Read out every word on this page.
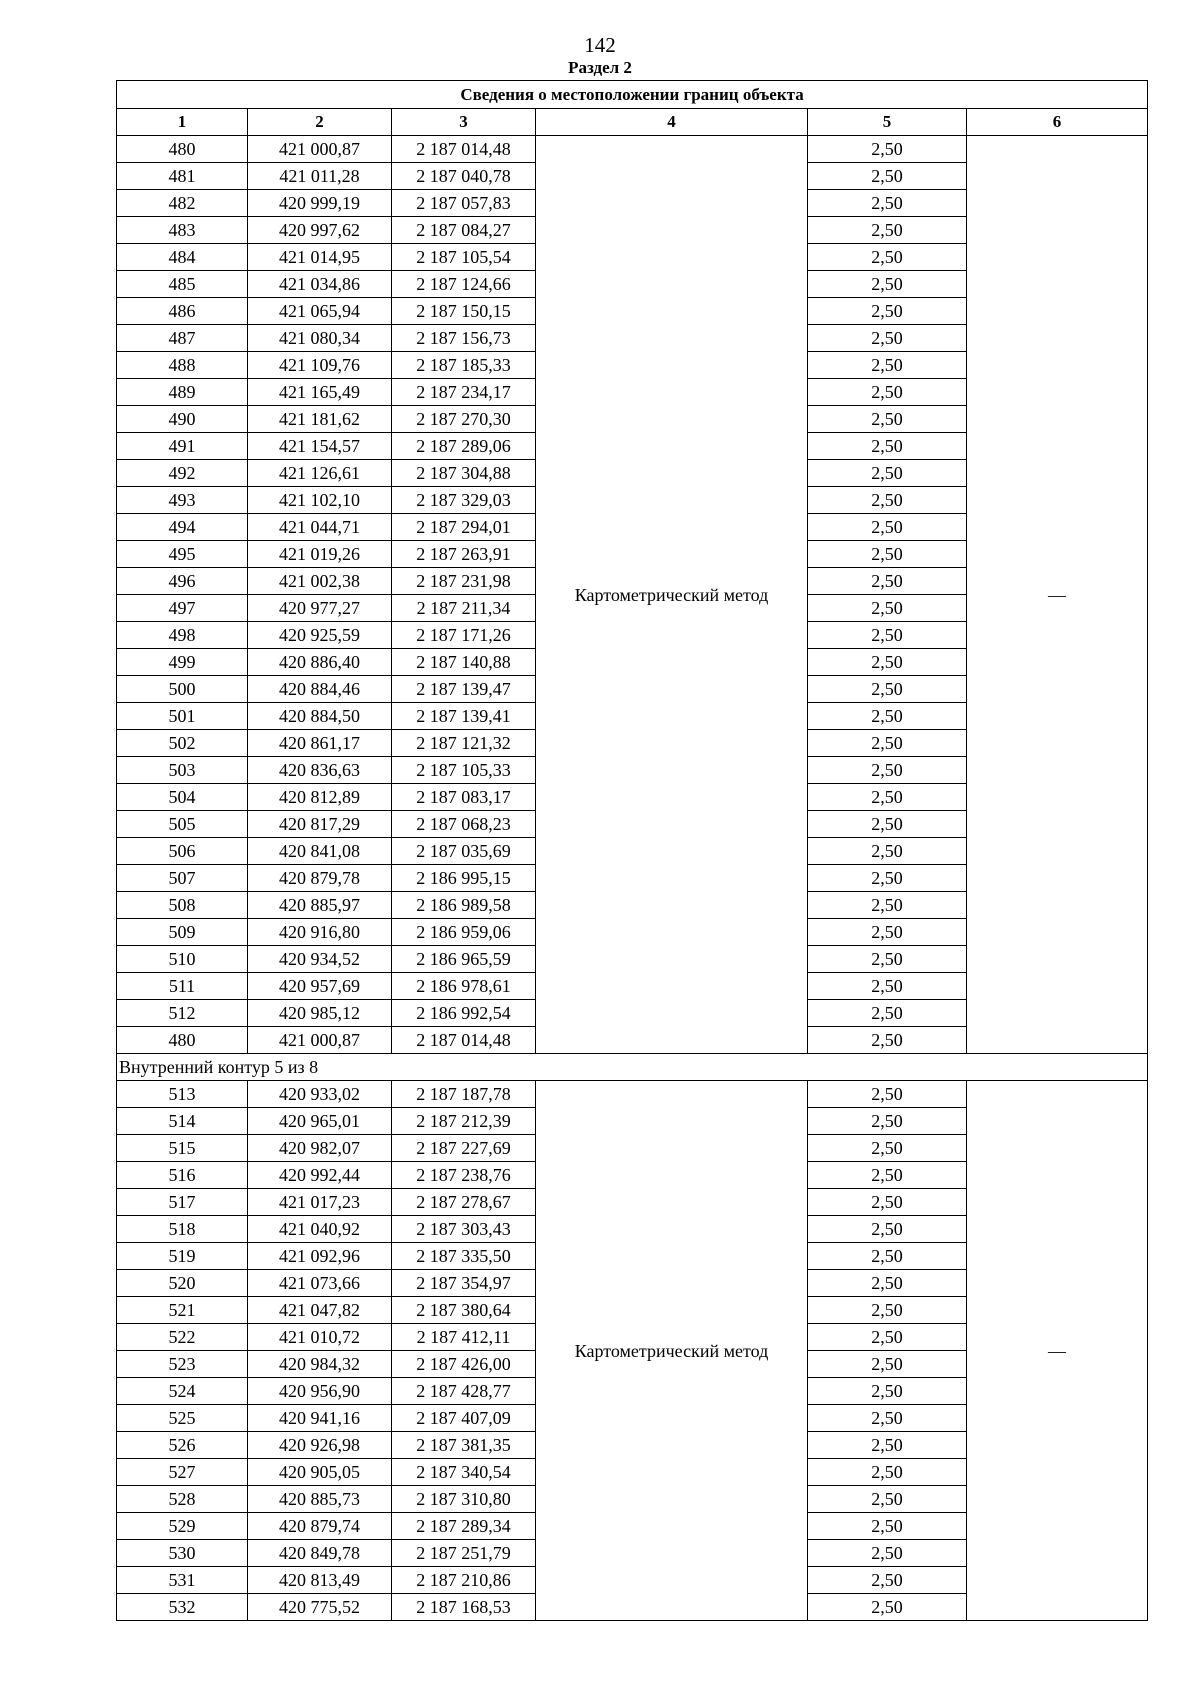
142
Раздел 2
Сведения о местоположении границ объекта					
1	2	3	4	5	6
480	421 000,87	2 187 014,48	Картометрический метод	2,50	—
481	421 011,28	2 187 040,78		2,50	
482	420 999,19	2 187 057,83		2,50	
483	420 997,62	2 187 084,27		2,50	
484	421 014,95	2 187 105,54		2,50	
485	421 034,86	2 187 124,66		2,50	
486	421 065,94	2 187 150,15		2,50	
487	421 080,34	2 187 156,73		2,50	
488	421 109,76	2 187 185,33		2,50	
489	421 165,49	2 187 234,17		2,50	
490	421 181,62	2 187 270,30		2,50	
491	421 154,57	2 187 289,06		2,50	
492	421 126,61	2 187 304,88		2,50	
493	421 102,10	2 187 329,03		2,50	
494	421 044,71	2 187 294,01		2,50	
495	421 019,26	2 187 263,91		2,50	
496	421 002,38	2 187 231,98		2,50	
497	420 977,27	2 187 211,34		2,50	
498	420 925,59	2 187 171,26		2,50	
499	420 886,40	2 187 140,88		2,50	
500	420 884,46	2 187 139,47		2,50	
501	420 884,50	2 187 139,41		2,50	
502	420 861,17	2 187 121,32		2,50	
503	420 836,63	2 187 105,33		2,50	
504	420 812,89	2 187 083,17		2,50	
505	420 817,29	2 187 068,23		2,50	
506	420 841,08	2 187 035,69		2,50	
507	420 879,78	2 186 995,15		2,50	
508	420 885,97	2 186 989,58		2,50	
509	420 916,80	2 186 959,06		2,50	
510	420 934,52	2 186 965,59		2,50	
511	420 957,69	2 186 978,61		2,50	
512	420 985,12	2 186 992,54		2,50	
480	421 000,87	2 187 014,48		2,50	
Внутренний контур 5 из 8					
513	420 933,02	2 187 187,78	Картометрический метод	2,50	—
514	420 965,01	2 187 212,39		2,50	
515	420 982,07	2 187 227,69		2,50	
516	420 992,44	2 187 238,76		2,50	
517	421 017,23	2 187 278,67		2,50	
518	421 040,92	2 187 303,43		2,50	
519	421 092,96	2 187 335,50		2,50	
520	421 073,66	2 187 354,97		2,50	
521	421 047,82	2 187 380,64		2,50	
522	421 010,72	2 187 412,11		2,50	
523	420 984,32	2 187 426,00		2,50	
524	420 956,90	2 187 428,77		2,50	
525	420 941,16	2 187 407,09		2,50	
526	420 926,98	2 187 381,35		2,50	
527	420 905,05	2 187 340,54		2,50	
528	420 885,73	2 187 310,80		2,50	
529	420 879,74	2 187 289,34		2,50	
530	420 849,78	2 187 251,79		2,50	
531	420 813,49	2 187 210,86		2,50	
532	420 775,52	2 187 168,53		2,50	
